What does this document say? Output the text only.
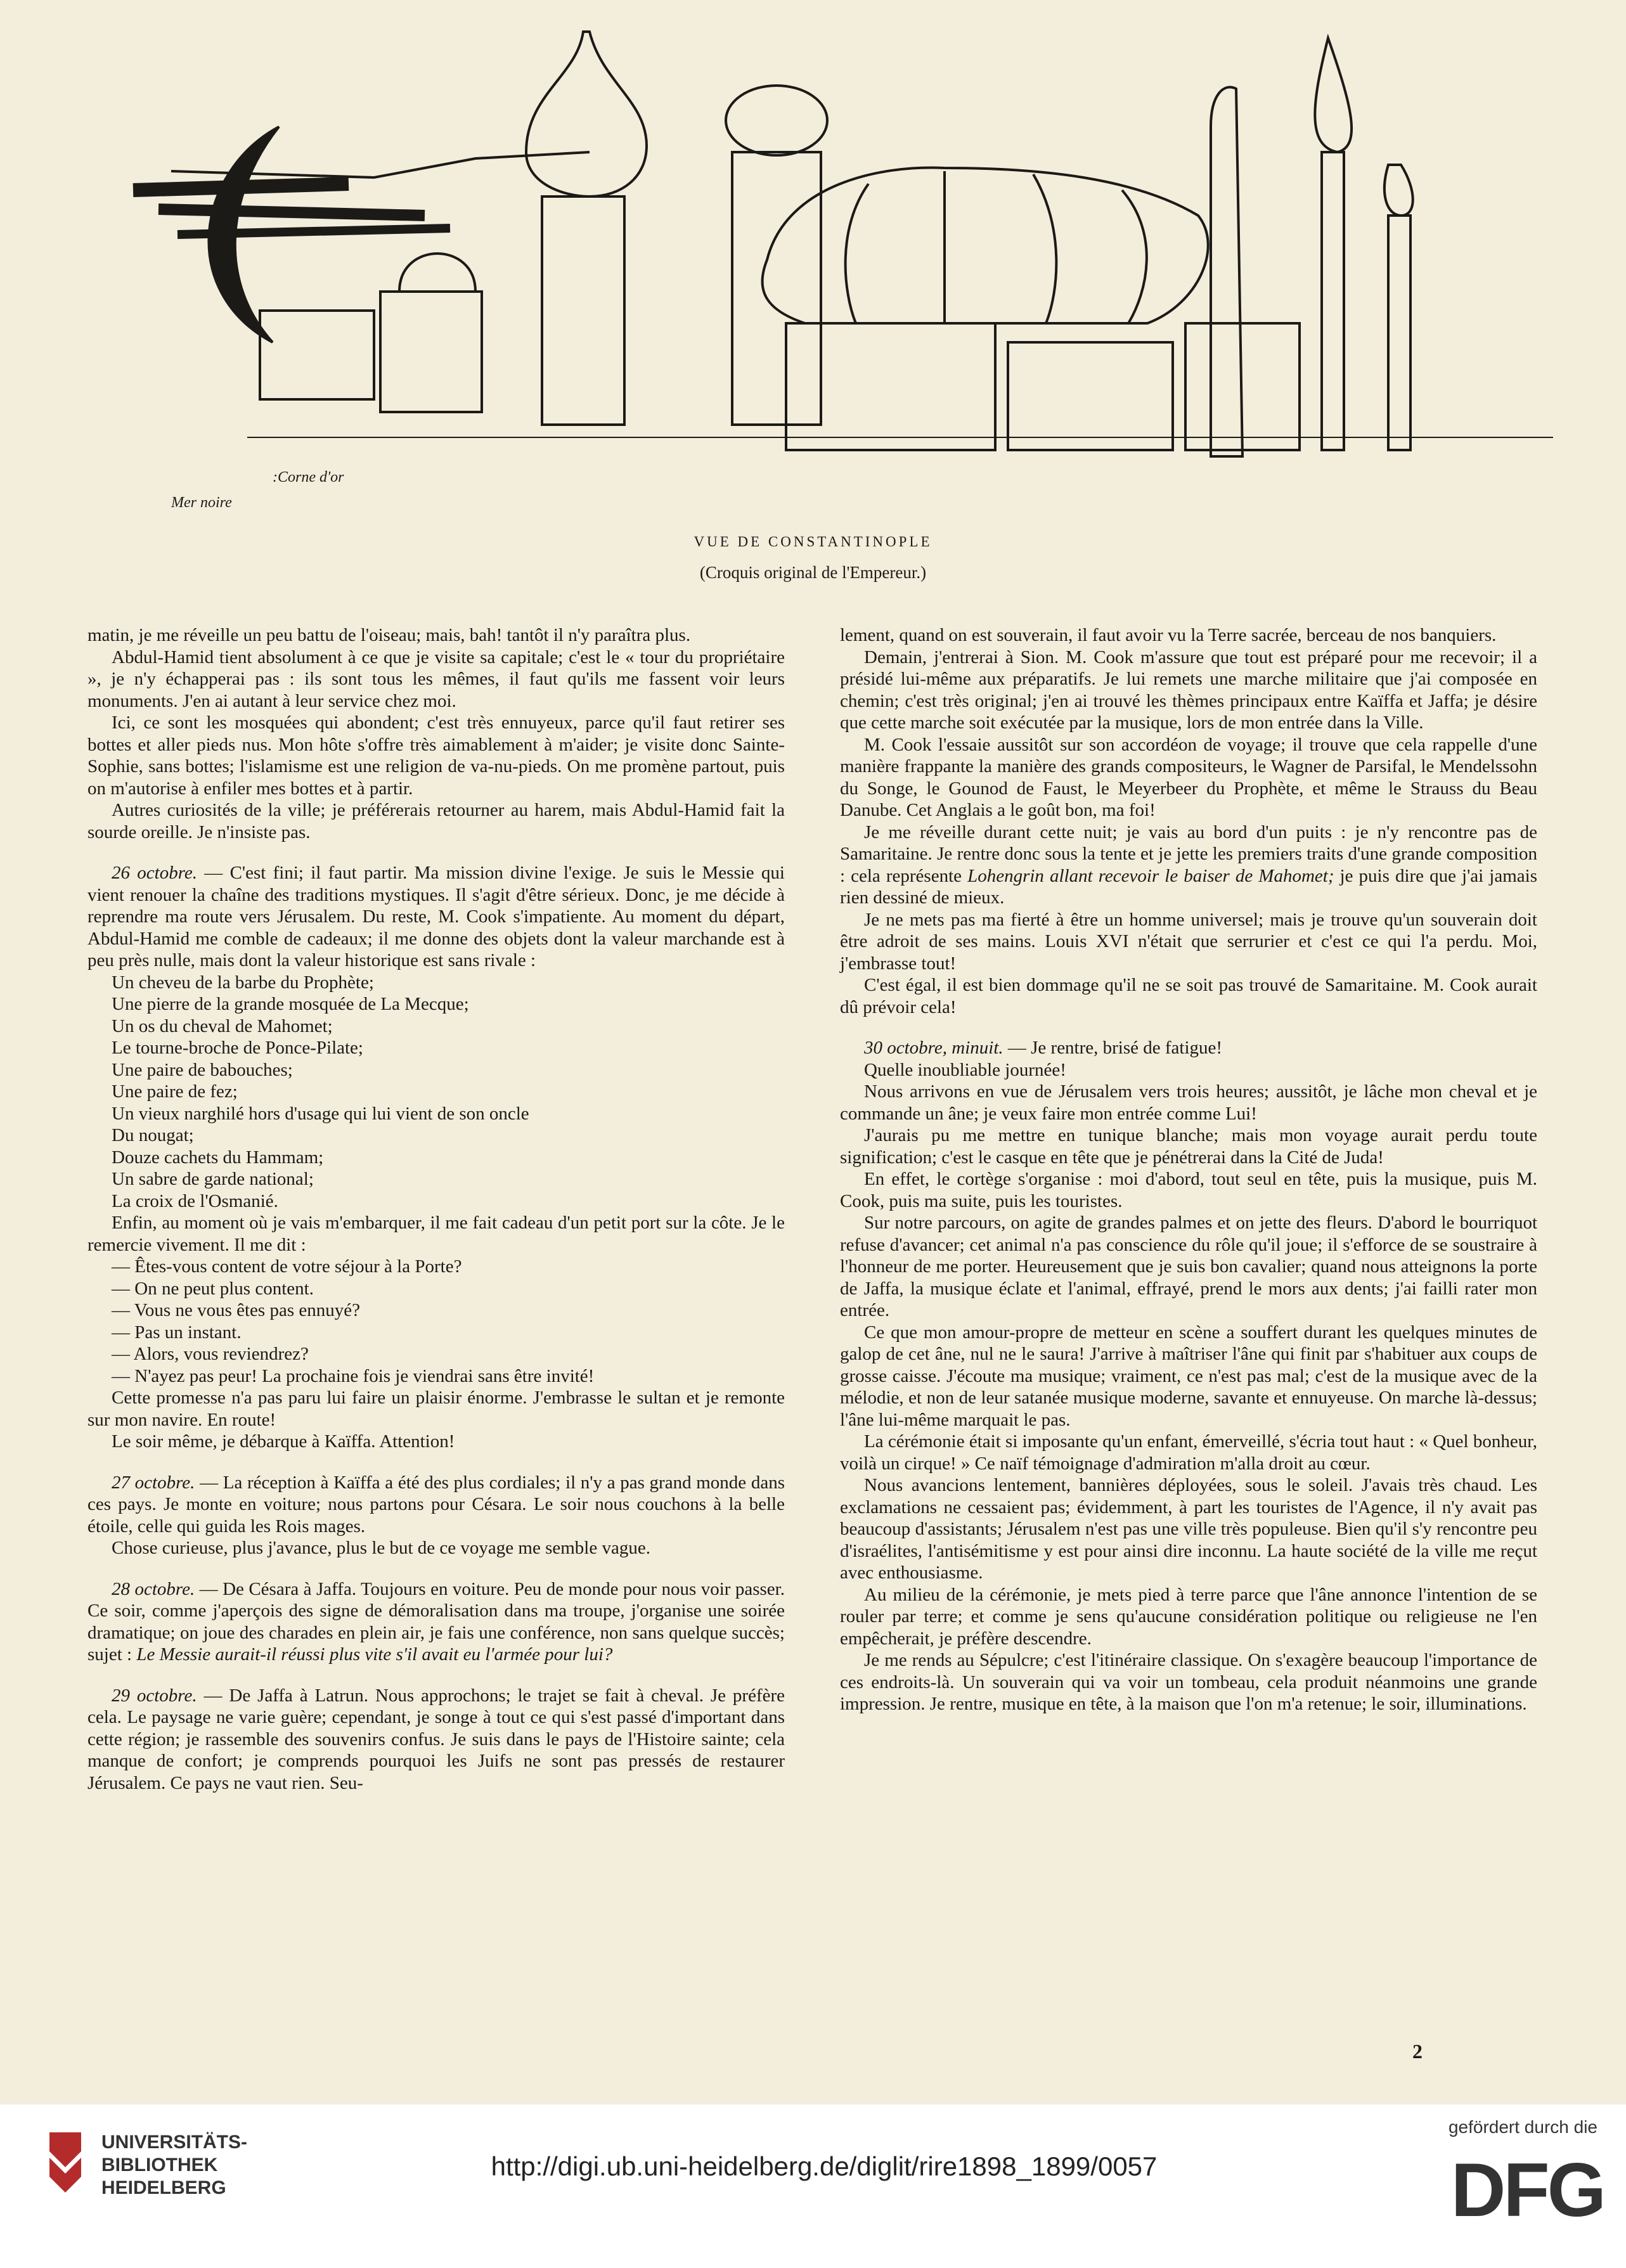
:Corne d'or
Mer noire
VUE DE CONSTANTINOPLE
(Croquis original de l'Empereur.)

matin, je me réveille un peu battu de l'oiseau; mais, bah! tantôt il n'y paraîtra plus.

Abdul-Hamid tient absolument à ce que je visite sa capitale; c'est le « tour du propriétaire », je n'y échapperai pas : ils sont tous les mêmes, il faut qu'ils me fassent voir leurs monuments. J'en ai autant à leur service chez moi.

Ici, ce sont les mosquées qui abondent; c'est très ennuyeux, parce qu'il faut retirer ses bottes et aller pieds nus. Mon hôte s'offre très aimablement à m'aider; je visite donc Sainte-Sophie, sans bottes; l'islamisme est une religion de va-nu-pieds. On me promène partout, puis on m'autorise à enfiler mes bottes et à partir.

Autres curiosités de la ville; je préférerais retourner au harem, mais Abdul-Hamid fait la sourde oreille. Je n'insiste pas.

26 octobre. — C'est fini; il faut partir. Ma mission divine l'exige. Je suis le Messie qui vient renouer la chaîne des traditions mystiques. Il s'agit d'être sérieux. Donc, je me décide à reprendre ma route vers Jérusalem. Du reste, M. Cook s'impatiente. Au moment du départ, Abdul-Hamid me comble de cadeaux; il me donne des objets dont la valeur marchande est à peu près nulle, mais dont la valeur historique est sans rivale :

Un cheveu de la barbe du Prophète;

Une pierre de la grande mosquée de La Mecque;

Un os du cheval de Mahomet;

Le tourne-broche de Ponce-Pilate;

Une paire de babouches;

Une paire de fez;

Un vieux narghilé hors d'usage qui lui vient de son oncle

Du nougat;

Douze cachets du Hammam;

Un sabre de garde national;

La croix de l'Osmanié.

Enfin, au moment où je vais m'embarquer, il me fait cadeau d'un petit port sur la côte. Je le remercie vivement. Il me dit :

— Êtes-vous content de votre séjour à la Porte?

— On ne peut plus content.

— Vous ne vous êtes pas ennuyé?

— Pas un instant.

— Alors, vous reviendrez?

— N'ayez pas peur! La prochaine fois je viendrai sans être invité!

Cette promesse n'a pas paru lui faire un plaisir énorme. J'embrasse le sultan et je remonte sur mon navire. En route!

Le soir même, je débarque à Kaïffa. Attention!

27 octobre. — La réception à Kaïffa a été des plus cordiales; il n'y a pas grand monde dans ces pays. Je monte en voiture; nous partons pour Césara. Le soir nous couchons à la belle étoile, celle qui guida les Rois mages.

Chose curieuse, plus j'avance, plus le but de ce voyage me semble vague.

28 octobre. — De Césara à Jaffa. Toujours en voiture. Peu de monde pour nous voir passer. Ce soir, comme j'aperçois des signe de démoralisation dans ma troupe, j'organise une soirée dramatique; on joue des charades en plein air, je fais une conférence, non sans quelque succès; sujet : Le Messie aurait-il réussi plus vite s'il avait eu l'armée pour lui?

29 octobre. — De Jaffa à Latrun. Nous approchons; le trajet se fait à cheval. Je préfère cela. Le paysage ne varie guère; cependant, je songe à tout ce qui s'est passé d'important dans cette région; je rassemble des souvenirs confus. Je suis dans le pays de l'Histoire sainte; cela manque de confort; je comprends pourquoi les Juifs ne sont pas pressés de restaurer Jérusalem. Ce pays ne vaut rien. Seu-

lement, quand on est souverain, il faut avoir vu la Terre sacrée, berceau de nos banquiers.

Demain, j'entrerai à Sion. M. Cook m'assure que tout est préparé pour me recevoir; il a présidé lui-même aux préparatifs. Je lui remets une marche militaire que j'ai composée en chemin; c'est très original; j'en ai trouvé les thèmes principaux entre Kaïffa et Jaffa; je désire que cette marche soit exécutée par la musique, lors de mon entrée dans la Ville.

M. Cook l'essaie aussitôt sur son accordéon de voyage; il trouve que cela rappelle d'une manière frappante la manière des grands compositeurs, le Wagner de Parsifal, le Mendelssohn du Songe, le Gounod de Faust, le Meyerbeer du Prophète, et même le Strauss du Beau Danube. Cet Anglais a le goût bon, ma foi!

Je me réveille durant cette nuit; je vais au bord d'un puits : je n'y rencontre pas de Samaritaine. Je rentre donc sous la tente et je jette les premiers traits d'une grande composition : cela représente Lohengrin allant recevoir le baiser de Mahomet; je puis dire que j'ai jamais rien dessiné de mieux.

Je ne mets pas ma fierté à être un homme universel; mais je trouve qu'un souverain doit être adroit de ses mains. Louis XVI n'était que serrurier et c'est ce qui l'a perdu. Moi, j'embrasse tout!

C'est égal, il est bien dommage qu'il ne se soit pas trouvé de Samaritaine. M. Cook aurait dû prévoir cela!

30 octobre, minuit. — Je rentre, brisé de fatigue!

Quelle inoubliable journée!

Nous arrivons en vue de Jérusalem vers trois heures; aussitôt, je lâche mon cheval et je commande un âne; je veux faire mon entrée comme Lui!

J'aurais pu me mettre en tunique blanche; mais mon voyage aurait perdu toute signification; c'est le casque en tête que je pénétrerai dans la Cité de Juda!

En effet, le cortège s'organise : moi d'abord, tout seul en tête, puis la musique, puis M. Cook, puis ma suite, puis les touristes.

Sur notre parcours, on agite de grandes palmes et on jette des fleurs. D'abord le bourriquot refuse d'avancer; cet animal n'a pas conscience du rôle qu'il joue; il s'efforce de se soustraire à l'honneur de me porter. Heureusement que je suis bon cavalier; quand nous atteignons la porte de Jaffa, la musique éclate et l'animal, effrayé, prend le mors aux dents; j'ai failli rater mon entrée.

Ce que mon amour-propre de metteur en scène a souffert durant les quelques minutes de galop de cet âne, nul ne le saura! J'arrive à maîtriser l'âne qui finit par s'habituer aux coups de grosse caisse. J'écoute ma musique; vraiment, ce n'est pas mal; c'est de la musique avec de la mélodie, et non de leur satanée musique moderne, savante et ennuyeuse. On marche là-dessus; l'âne lui-même marquait le pas.

La cérémonie était si imposante qu'un enfant, émerveillé, s'écria tout haut : « Quel bonheur, voilà un cirque! » Ce naïf témoignage d'admiration m'alla droit au cœur.

Nous avancions lentement, bannières déployées, sous le soleil. J'avais très chaud. Les exclamations ne cessaient pas; évidemment, à part les touristes de l'Agence, il n'y avait pas beaucoup d'assistants; Jérusalem n'est pas une ville très populeuse. Bien qu'il s'y rencontre peu d'israélites, l'antisémitisme y est pour ainsi dire inconnu. La haute société de la ville me reçut avec enthousiasme.

Au milieu de la cérémonie, je mets pied à terre parce que l'âne annonce l'intention de se rouler par terre; et comme je sens qu'aucune considération politique ou religieuse ne l'en empêcherait, je préfère descendre.

Je me rends au Sépulcre; c'est l'itinéraire classique. On s'exagère beaucoup l'importance de ces endroits-là. Un souverain qui va voir un tombeau, cela produit néanmoins une grande impression. Je rentre, musique en tête, à la maison que l'on m'a retenue; le soir, illuminations.

2
UNIVERSITÄTS-
BIBLIOTHEK
HEIDELBERG
http://digi.ub.uni-heidelberg.de/diglit/rire1898_1899/0057
gefördert durch die
DFG
